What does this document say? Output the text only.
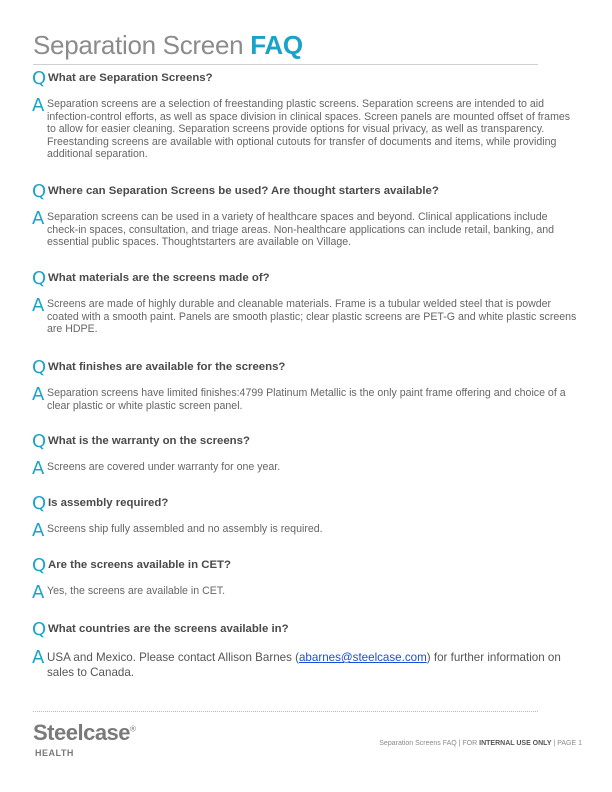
Separation Screen FAQ
Q What are Separation Screens?
A Separation screens are a selection of freestanding plastic screens. Separation screens are intended to aid infection-control efforts, as well as space division in clinical spaces. Screen panels are mounted offset of frames to allow for easier cleaning. Separation screens provide options for visual privacy, as well as transparency. Freestanding screens are available with optional cutouts for transfer of documents and items, while providing additional separation.
Q Where can Separation Screens be used? Are thought starters available?
A Separation screens can be used in a variety of healthcare spaces and beyond. Clinical applications include check-in spaces, consultation, and triage areas. Non-healthcare applications can include retail, banking, and essential public spaces. Thoughtstarters are available on Village.
Q What materials are the screens made of?
A Screens are made of highly durable and cleanable materials. Frame is a tubular welded steel that is powder coated with a smooth paint. Panels are smooth plastic; clear plastic screens are PET-G and white plastic screens are HDPE.
Q What finishes are available for the screens?
A Separation screens have limited finishes:4799 Platinum Metallic is the only paint frame offering and choice of a clear plastic or white plastic screen panel.
Q What is the warranty on the screens?
A Screens are covered under warranty for one year.
Q Is assembly required?
A Screens ship fully assembled and no assembly is required.
Q Are the screens available in CET?
A Yes, the screens are available in CET.
Q What countries are the screens available in?
A USA and Mexico. Please contact Allison Barnes (abarnes@steelcase.com) for further information on sales to Canada.
Steelcase®
HEALTH
Separation Screens FAQ | FOR INTERNAL USE ONLY | PAGE 1
